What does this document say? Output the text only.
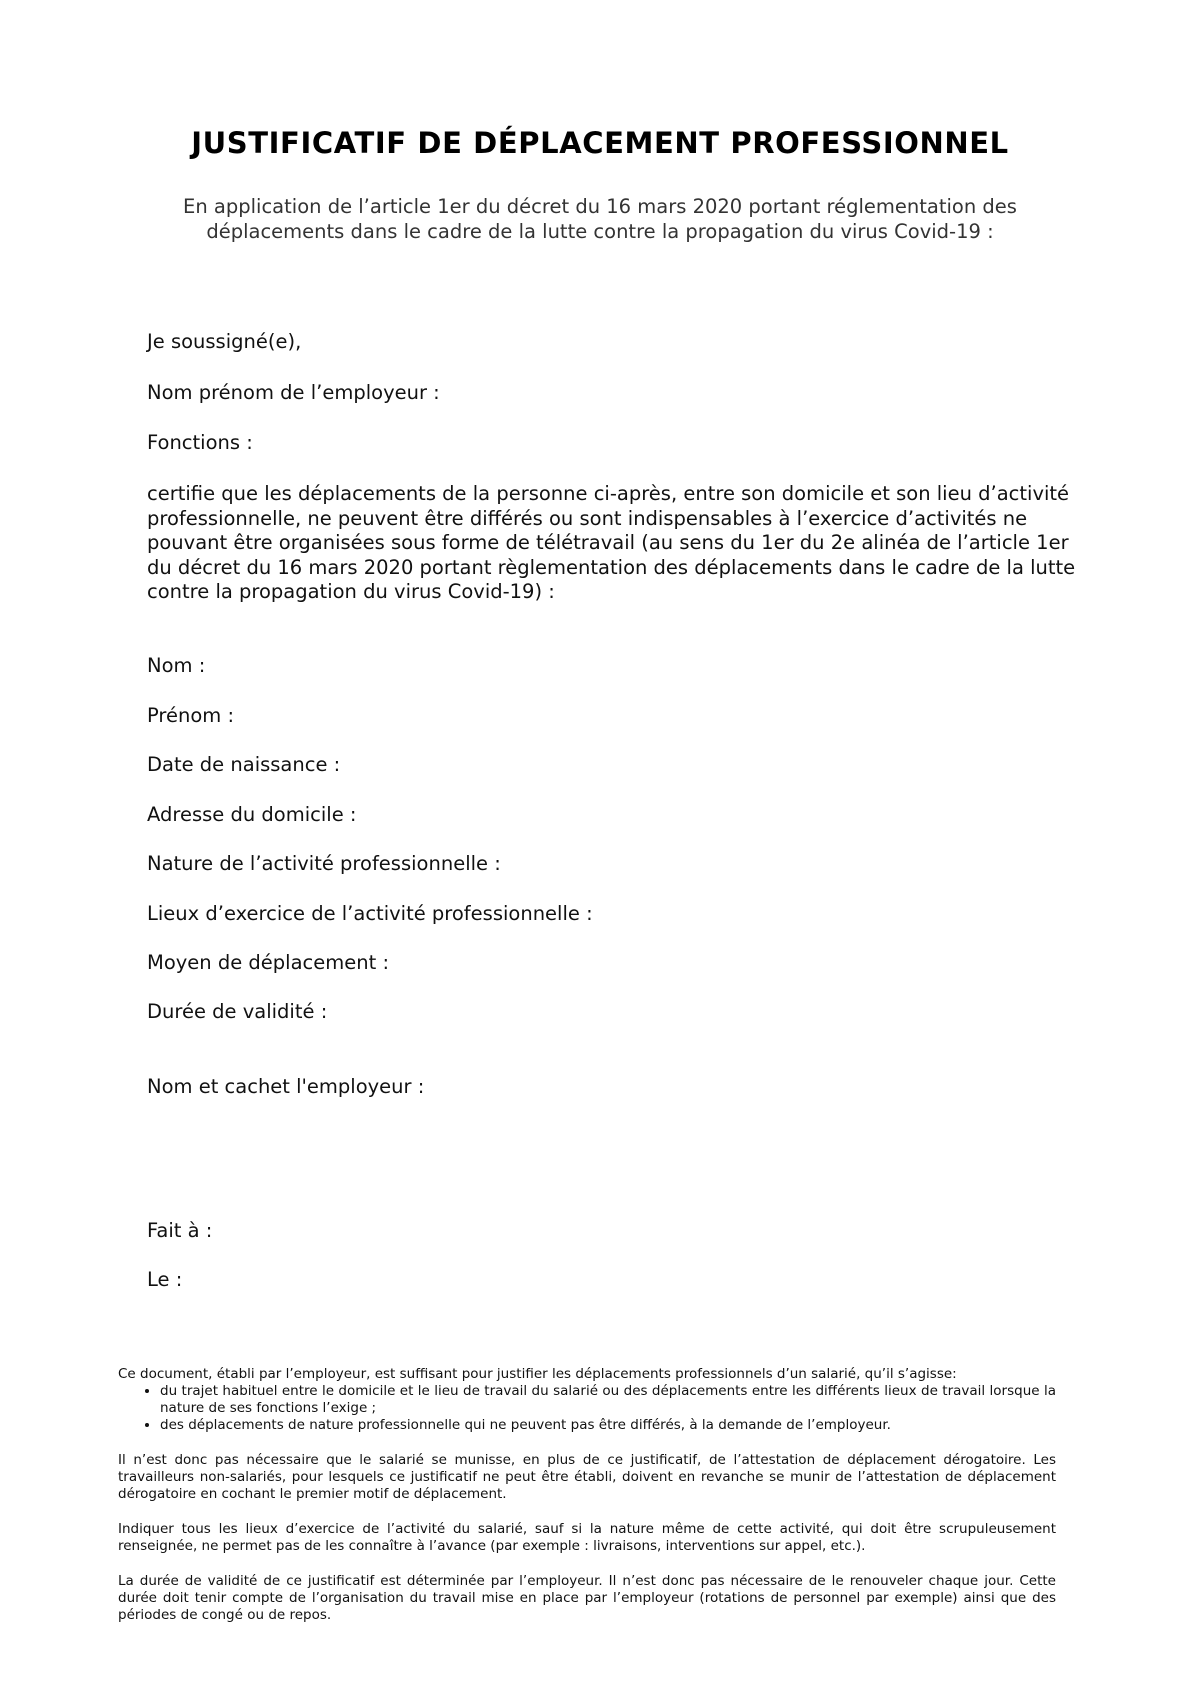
JUSTIFICATIF DE DÉPLACEMENT PROFESSIONNEL

En application de l’article 1er du décret du 16 mars 2020 portant réglementation des déplacements dans le cadre de la lutte contre la propagation du virus Covid-19 :

Je soussigné(e),

Nom prénom de l’employeur :

Fonctions :

certifie que les déplacements de la personne ci-après, entre son domicile et son lieu d’activité professionnelle, ne peuvent être différés ou sont indispensables à l’exercice d’activités ne pouvant être organisées sous forme de télétravail (au sens du 1er du 2e alinéa de l’article 1er du décret du 16 mars 2020 portant règlementation des déplacements dans le cadre de la lutte contre la propagation du virus Covid-19) :

Nom :

Prénom :

Date de naissance :

Adresse du domicile :

Nature de l’activité professionnelle :

Lieux d’exercice de l’activité professionnelle :

Moyen de déplacement :

Durée de validité :

Nom et cachet l'employeur :

Fait à :

Le :

Ce document, établi par l’employeur, est suffisant pour justifier les déplacements professionnels d’un salarié, qu’il s’agisse:

• du trajet habituel entre le domicile et le lieu de travail du salarié ou des déplacements entre les différents lieux de travail lorsque la nature de ses fonctions l’exige ;
• des déplacements de nature professionnelle qui ne peuvent pas être différés, à la demande de l’employeur.

Il n’est donc pas nécessaire que le salarié se munisse, en plus de ce justificatif, de l’attestation de déplacement dérogatoire. Les travailleurs non-salariés, pour lesquels ce justificatif ne peut être établi, doivent en revanche se munir de l’attestation de déplacement dérogatoire en cochant le premier motif de déplacement.

Indiquer tous les lieux d’exercice de l’activité du salarié, sauf si la nature même de cette activité, qui doit être scrupuleusement renseignée, ne permet pas de les connaître à l’avance (par exemple : livraisons, interventions sur appel, etc.).

La durée de validité de ce justificatif est déterminée par l’employeur. Il n’est donc pas nécessaire de le renouveler chaque jour. Cette durée doit tenir compte de l’organisation du travail mise en place par l’employeur (rotations de personnel par exemple) ainsi que des périodes de congé ou de repos.
